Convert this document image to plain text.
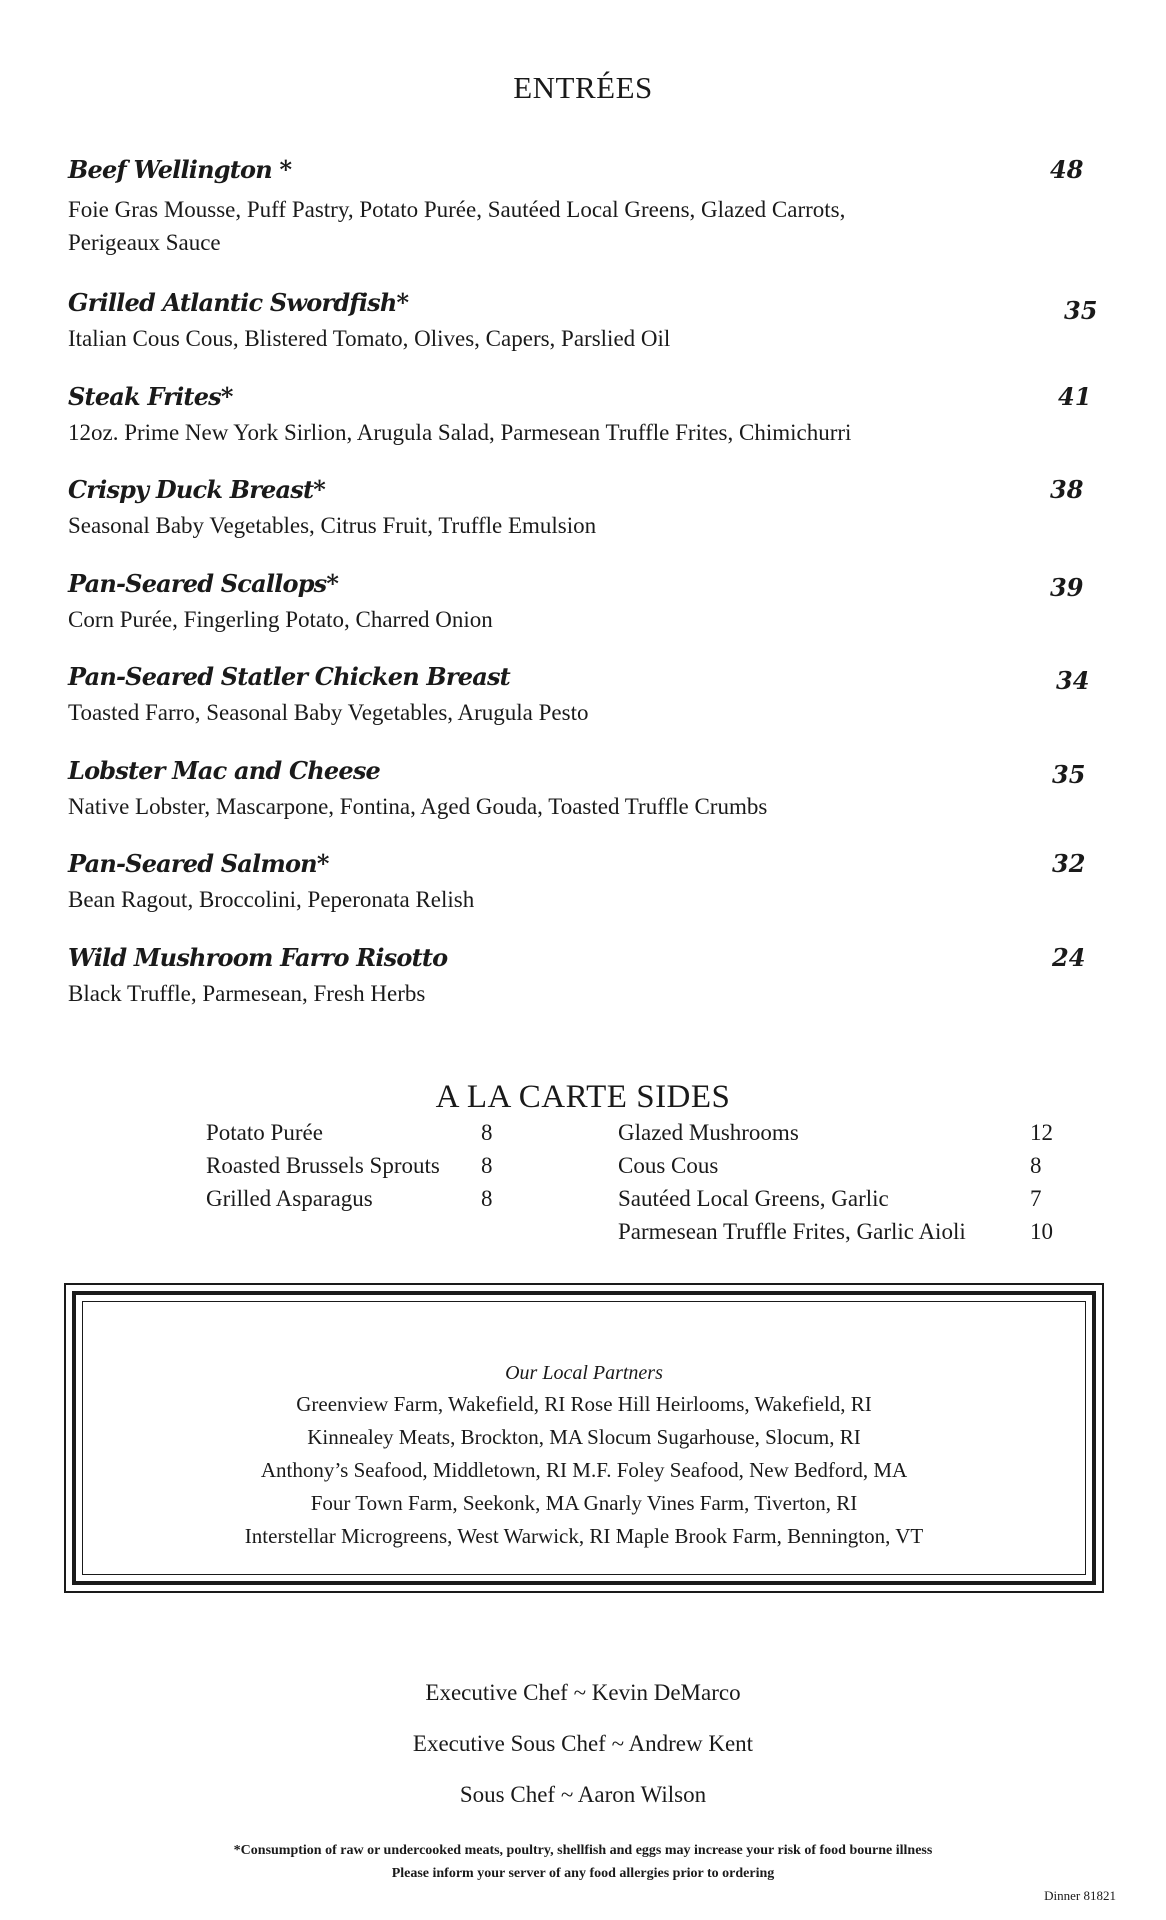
ENTRÉES
Beef Wellington *	48
Foie Gras Mousse, Puff Pastry, Potato Purée, Sautéed Local Greens, Glazed Carrots, Perigeaux Sauce
Grilled Atlantic Swordfish*	35
Italian Cous Cous, Blistered Tomato, Olives, Capers, Parslied Oil
Steak Frites*	41
12oz. Prime New York Sirlion, Arugula Salad, Parmesean Truffle Frites, Chimichurri
Crispy Duck Breast*	38
Seasonal Baby Vegetables, Citrus Fruit, Truffle Emulsion
Pan-Seared Scallops*	39
Corn Purée, Fingerling Potato, Charred Onion
Pan-Seared Statler Chicken Breast	34
Toasted Farro, Seasonal Baby Vegetables, Arugula Pesto
Lobster Mac and Cheese	35
Native Lobster, Mascarpone, Fontina, Aged Gouda, Toasted Truffle Crumbs
Pan-Seared Salmon*	32
Bean Ragout, Broccolini, Peperonata Relish
Wild Mushroom Farro Risotto	24
Black Truffle, Parmesean, Fresh Herbs
A LA CARTE SIDES
Potato Purée	8
Roasted Brussels Sprouts 8
Grilled Asparagus	8
Glazed Mushrooms	12
Cous Cous	8
Sautéed Local Greens, Garlic	7
Parmesean Truffle Frites, Garlic Aioli	10
Our Local Partners
Greenview Farm, Wakefield, RI Rose Hill Heirlooms, Wakefield, RI
Kinnealey Meats, Brockton, MA Slocum Sugarhouse, Slocum, RI
Anthony’s Seafood, Middletown, RI M.F. Foley Seafood, New Bedford, MA
Four Town Farm, Seekonk, MA Gnarly Vines Farm, Tiverton, RI
Interstellar Microgreens, West Warwick, RI Maple Brook Farm, Bennington, VT
Executive Chef ~ Kevin DeMarco
Executive Sous Chef ~ Andrew Kent
Sous Chef ~ Aaron Wilson
*Consumption of raw or undercooked meats, poultry, shellfish and eggs may increase your risk of food bourne illness
Please inform your server of any food allergies prior to ordering
Dinner 81821
